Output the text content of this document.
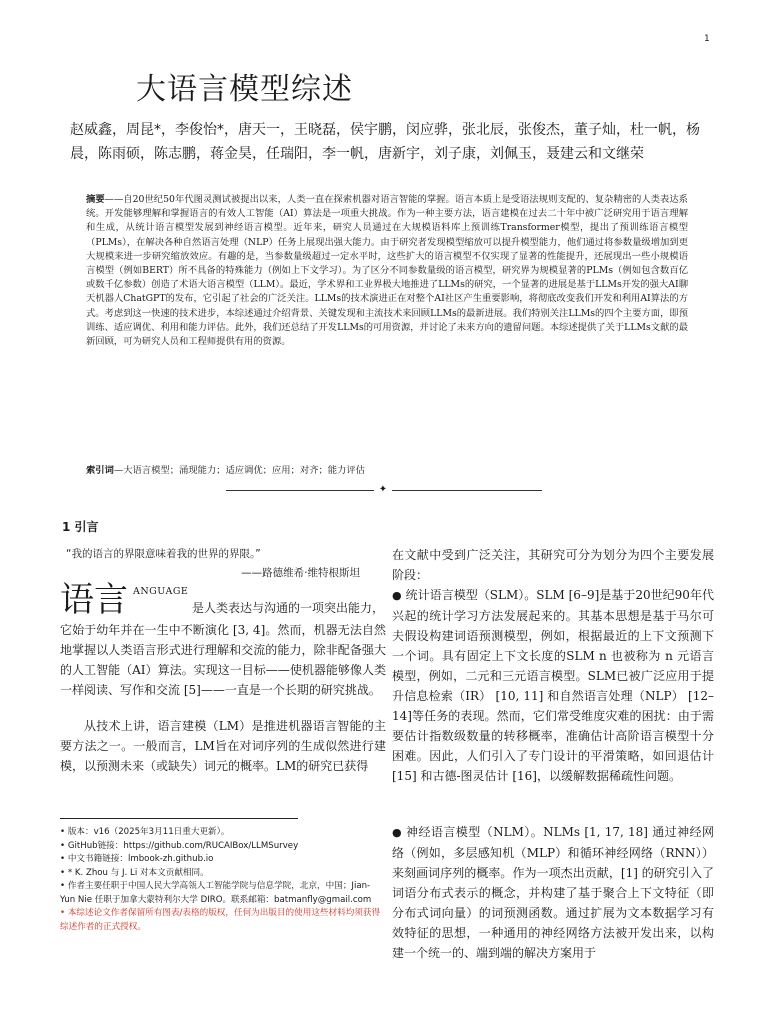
1
大语言模型综述
赵威鑫，周昆*，李俊怡*，唐天一，王晓磊，侯宇鹏，闵应骅，张北辰，张俊杰，董子灿，杜一帆，杨晨，陈雨硕，陈志鹏，蒋金昊，任瑞阳，李一帆，唐新宇，刘子康，刘佩玉，聂建云和文继荣
摘要——自20世纪50年代图灵测试被提出以来，人类一直在探索机器对语言智能的掌握。语言本质上是受语法规则支配的、复杂精密的人类表达系统。开发能够理解和掌握语言的有效人工智能（AI）算法是一项重大挑战。作为一种主要方法，语言建模在过去二十年中被广泛研究用于语言理解和生成，从统计语言模型发展到神经语言模型。近年来，研究人员通过在大规模语料库上预训练Transformer模型，提出了预训练语言模型（PLMs），在解决各种自然语言处理（NLP）任务上展现出强大能力。由于研究者发现模型缩放可以提升模型能力，他们通过将参数量级增加到更大规模来进一步研究缩放效应。有趣的是，当参数量级超过一定水平时，这些扩大的语言模型不仅实现了显著的性能提升，还展现出一些小规模语言模型（例如BERT）所不具备的特殊能力（例如上下文学习）。为了区分不同参数量级的语言模型，研究界为规模显著的PLMs（例如包含数百亿或数千亿参数）创造了术语大语言模型（LLM）。最近，学术界和工业界极大地推进了LLMs的研究，一个显著的进展是基于LLMs开发的强大AI聊天机器人ChatGPT的发布，它引起了社会的广泛关注。LLMs的技术演进正在对整个AI社区产生重要影响，将彻底改变我们开发和利用AI算法的方式。考虑到这一快速的技术进步，本综述通过介绍背景、关键发现和主流技术来回顾LLMs的最新进展。我们特别关注LLMs的四个主要方面，即预训练、适应调优、利用和能力评估。此外，我们还总结了开发LLMs的可用资源，并讨论了未来方向的遗留问题。本综述提供了关于LLMs文献的最新回顾，可为研究人员和工程师提供有用的资源。
索引词—大语言模型；涌现能力；适应调优；应用；对齐；能力评估
✦
1 引言
“我的语言的界限意味着我的世界的界限。”
——路德维希·维特根斯坦
语言 ANGUAGE
是人类表达与沟通的一项突出能力，

它始于幼年并在一生中不断演化 [3, 4]。然而，机器无法自然地掌握以人类语言形式进行理解和交流的能力，除非配备强大的人工智能（AI）算法。实现这一目标——使机器能够像人类一样阅读、写作和交流 [5]——一直是一个长期的研究挑战。

从技术上讲，语言建模（LM）是推进机器语言智能的主要方法之一。一般而言，LM旨在对词序列的生成似然进行建模，以预测未来（或缺失）词元的概率。LM的研究已获得

• 版本：v16（2025年3月11日重大更新）。
• GitHub链接：https://github.com/RUCAIBox/LLMSurvey
• 中文书籍链接：lmbook-zh.github.io
• * K. Zhou 与 J. Li 对本文贡献相同。
• 作者主要任职于中国人民大学高瓴人工智能学院与信息学院，北京，中国；Jian-Yun Nie 任职于加拿大蒙特利尔大学 DIRO。联系邮箱：batmanfly@gmail.com
• 本综述论文作者保留所有图表/表格的版权，任何为出版目的使用这些材料均须获得综述作者的正式授权。

在文献中受到广泛关注，其研究可分为划分为四个主要发展阶段：

● 统计语言模型（SLM）。SLM [6–9]是基于20世纪90年代兴起的统计学习方法发展起来的。其基本思想是基于马尔可夫假设构建词语预测模型，例如，根据最近的上下文预测下一个词。具有固定上下文长度的SLM n 也被称为 n 元语言模型，例如，二元和三元语言模型。SLM已被广泛应用于提升信息检索（IR） [10, 11] 和自然语言处理（NLP） [12–14]等任务的表现。然而，它们常受维度灾难的困扰：由于需要估计指数级数量的转移概率，准确估计高阶语言模型十分困难。因此，人们引入了专门设计的平滑策略，如回退估计 [15] 和古德-图灵估计 [16]，以缓解数据稀疏性问题。

● 神经语言模型（NLM）。NLMs [1, 17, 18] 通过神经网络（例如，多层感知机（MLP）和循环神经网络（RNN））来刻画词序列的概率。作为一项杰出贡献，[1] 的研究引入了词语分布式表示的概念，并构建了基于聚合上下文特征（即分布式词向量）的词预测函数。通过扩展为文本数据学习有效特征的思想，一种通用的神经网络方法被开发出来，以构建一个统一的、端到端的解决方案用于
